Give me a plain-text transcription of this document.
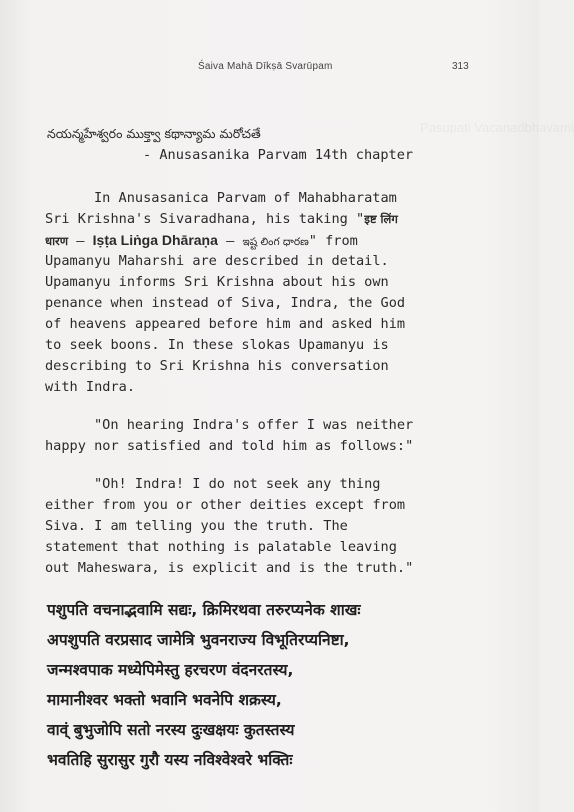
Pasupati Vacanadbhavami
Śaiva Mahā Dīkṣā Svarūpam	313
నయన్మహేశ్వరం ముక్త్వా కథాన్యామ మరోచతే
- Anusasanika Parvam 14th chapter
In Anusasanica Parvam of Mahabharatam
Sri Krishna's Sivaradhana, his taking "इष्ट लिंग
धारण – Iṣṭa Liṅga Dhāraṇa – ఇష్ట లింగ ధారణ" from
Upamanyu Maharshi are described in detail.
Upamanyu informs Sri Krishna about his own
penance when instead of Siva, Indra, the God
of heavens appeared before him and asked him
to seek boons. In these slokas Upamanyu is
describing to Sri Krishna his conversation
with Indra.
"On hearing Indra's offer I was neither
happy nor satisfied and told him as follows:"
"Oh! Indra! I do not seek any thing
either from you or other deities except from
Siva. I am telling you the truth. The
statement that nothing is palatable leaving
out Maheswara, is explicit and is the truth."
पशुपति वचनाद्भवामि सद्यः, क्रिमिरथवा तरुरप्यनेक शाखः
अपशुपति वरप्रसाद जामेत्रि भुवनराज्य विभूतिरप्यनिष्टा,
जन्मश्वपाक मध्येपिमेस्तु हरचरण वंदनरतस्य,
मामानीश्वर भक्तो भवानि भवनेपि शक्रस्य,
वाव्ं बुभुजोपि सतो नरस्य दुःखक्षयः कुतस्तस्य
भवतिहि सुरासुर गुरौ यस्य नविश्वेश्वरे भक्तिः
